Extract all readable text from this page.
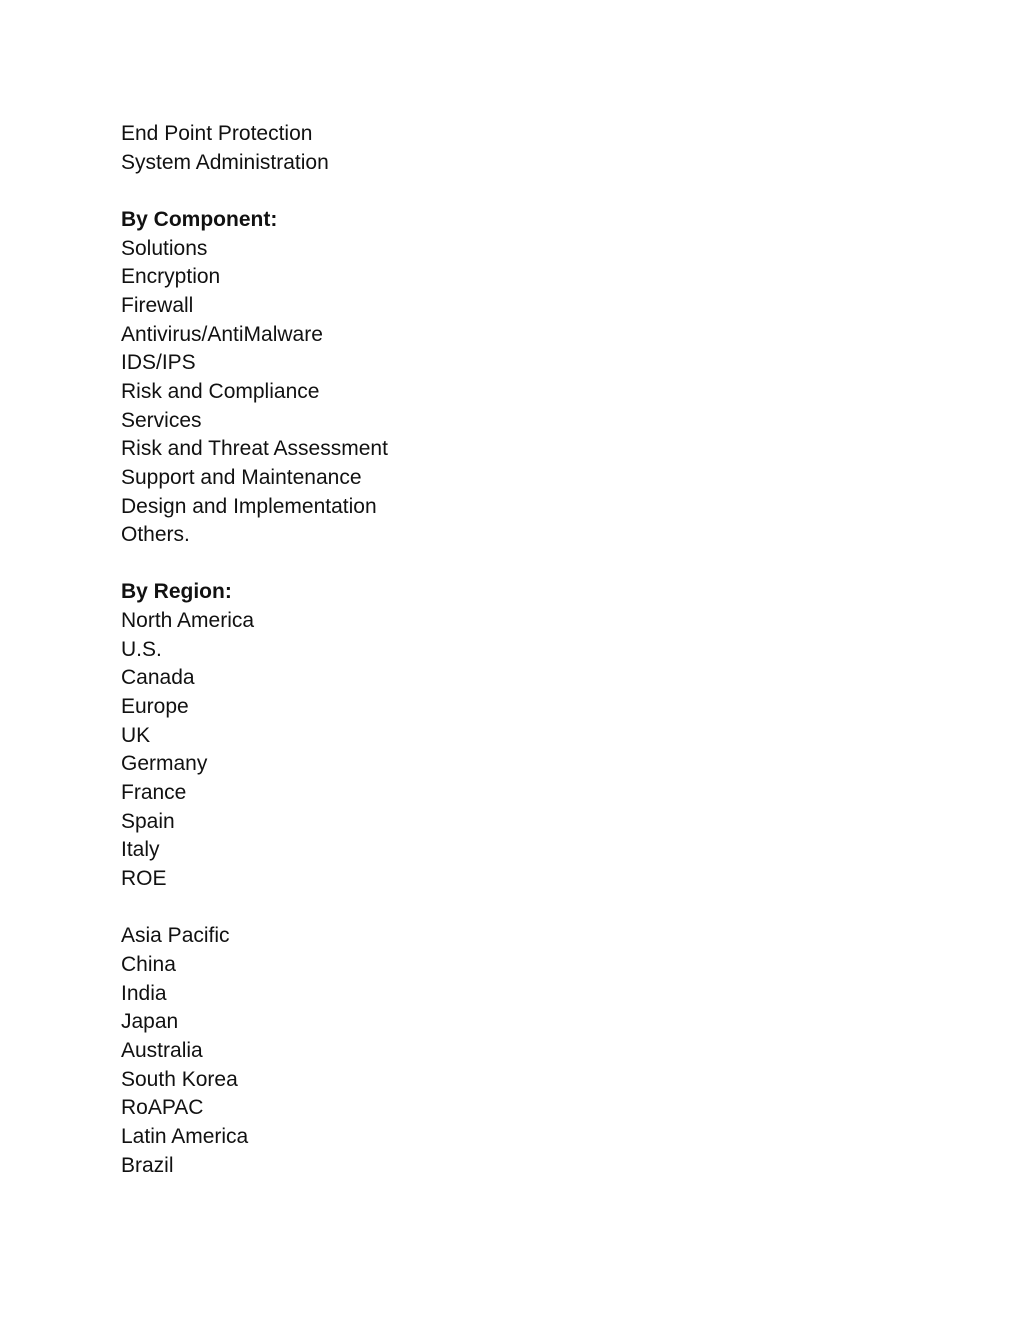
End Point Protection
System Administration
By Component:
Solutions
Encryption
Firewall
Antivirus/AntiMalware
IDS/IPS
Risk and Compliance
Services
Risk and Threat Assessment
Support and Maintenance
Design and Implementation
Others.
By Region:
North America
U.S.
Canada
Europe
UK
Germany
France
Spain
Italy
ROE
Asia Pacific
China
India
Japan
Australia
South Korea
RoAPAC
Latin America
Brazil
